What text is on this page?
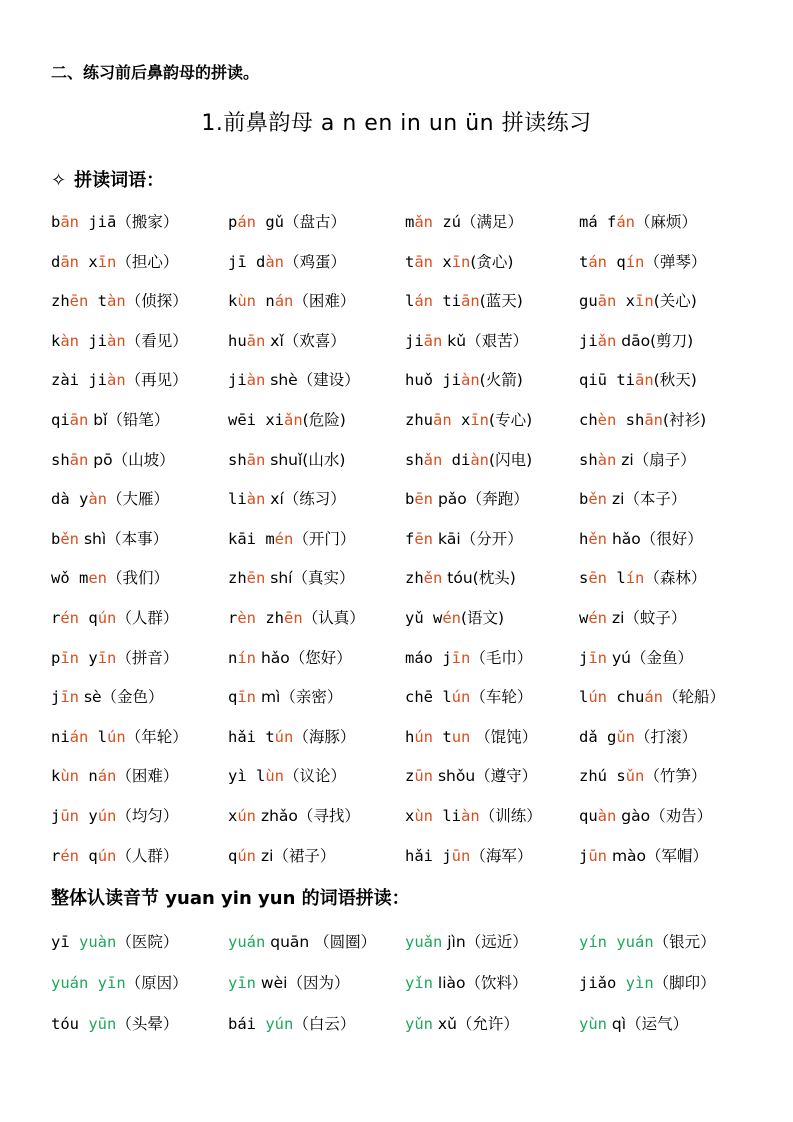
二、练习前后鼻韵母的拼读。
1.前鼻韵母 a n en in un ün 拼读练习
✧ 拼读词语：
bān jiā（搬家）	pán gǔ（盘古）	mǎn zú（满足）	má fán（麻烦）
dān xīn（担心）	jī dàn（鸡蛋）	tān xīn(贪心)	tán qín（弹琴）
zhēn tàn（侦探）	kùn nán（困难）	lán tiān(蓝天)	guān xīn(关心)
kàn jiàn（看见）	huān xǐ（欢喜）	jiān kǔ（艰苦）	jiǎn dāo(剪刀)
zài jiàn（再见）	jiàn shè（建设）	huǒ jiàn(火箭)	qiū tiān(秋天)
qiān bǐ（铅笔）	wēi xiǎn(危险)	zhuān xīn(专心)	chèn shān(衬衫)
shān pō（山坡）	shān shuǐ(山水)	shǎn diàn(闪电)	shàn zi（扇子）
dà yàn（大雁）	liàn xí（练习）	bēn pǎo（奔跑）	běn zi（本子）
běn shì（本事）	kāi mén（开门）	fēn kāi（分开）	hěn hǎo（很好）
wǒ men（我们）	zhēn shí（真实）	zhěn tóu(枕头)	sēn lín（森林）
rén qún（人群）	rèn zhēn（认真）	yǔ wén(语文)	wén zi（蚊子）
pīn yīn（拼音）	nín hǎo（您好）	máo jīn（毛巾）	jīn yú（金鱼）
jīn sè（金色）	qīn mì（亲密）	chē lún（车轮）	lún chuán（轮船）
nián lún（年轮）	hǎi tún（海豚）	hún tun （馄饨）	dǎ gǔn（打滚）
kùn nán（困难）	yì lùn（议论）	zūn shǒu（遵守）	zhú sǔn（竹笋）
jūn yún（均匀）	xún zhǎo（寻找）	xùn liàn（训练）	quàn gào（劝告）
rén qún（人群）	qún zi（裙子）	hǎi jūn（海军）	jūn mào（军帽）
整体认读音节 yuan yin yun 的词语拼读：
yī yuàn（医院）	yuán quān （圆圈）	yuǎn jìn（远近）	yín yuán（银元）
yuán yīn（原因）	yīn wèi（因为）	yǐn liào（饮料）	jiǎo yìn（脚印）
tóu yūn（头晕）	bái yún（白云）	yǔn xǔ（允许）	yùn qì（运气）
